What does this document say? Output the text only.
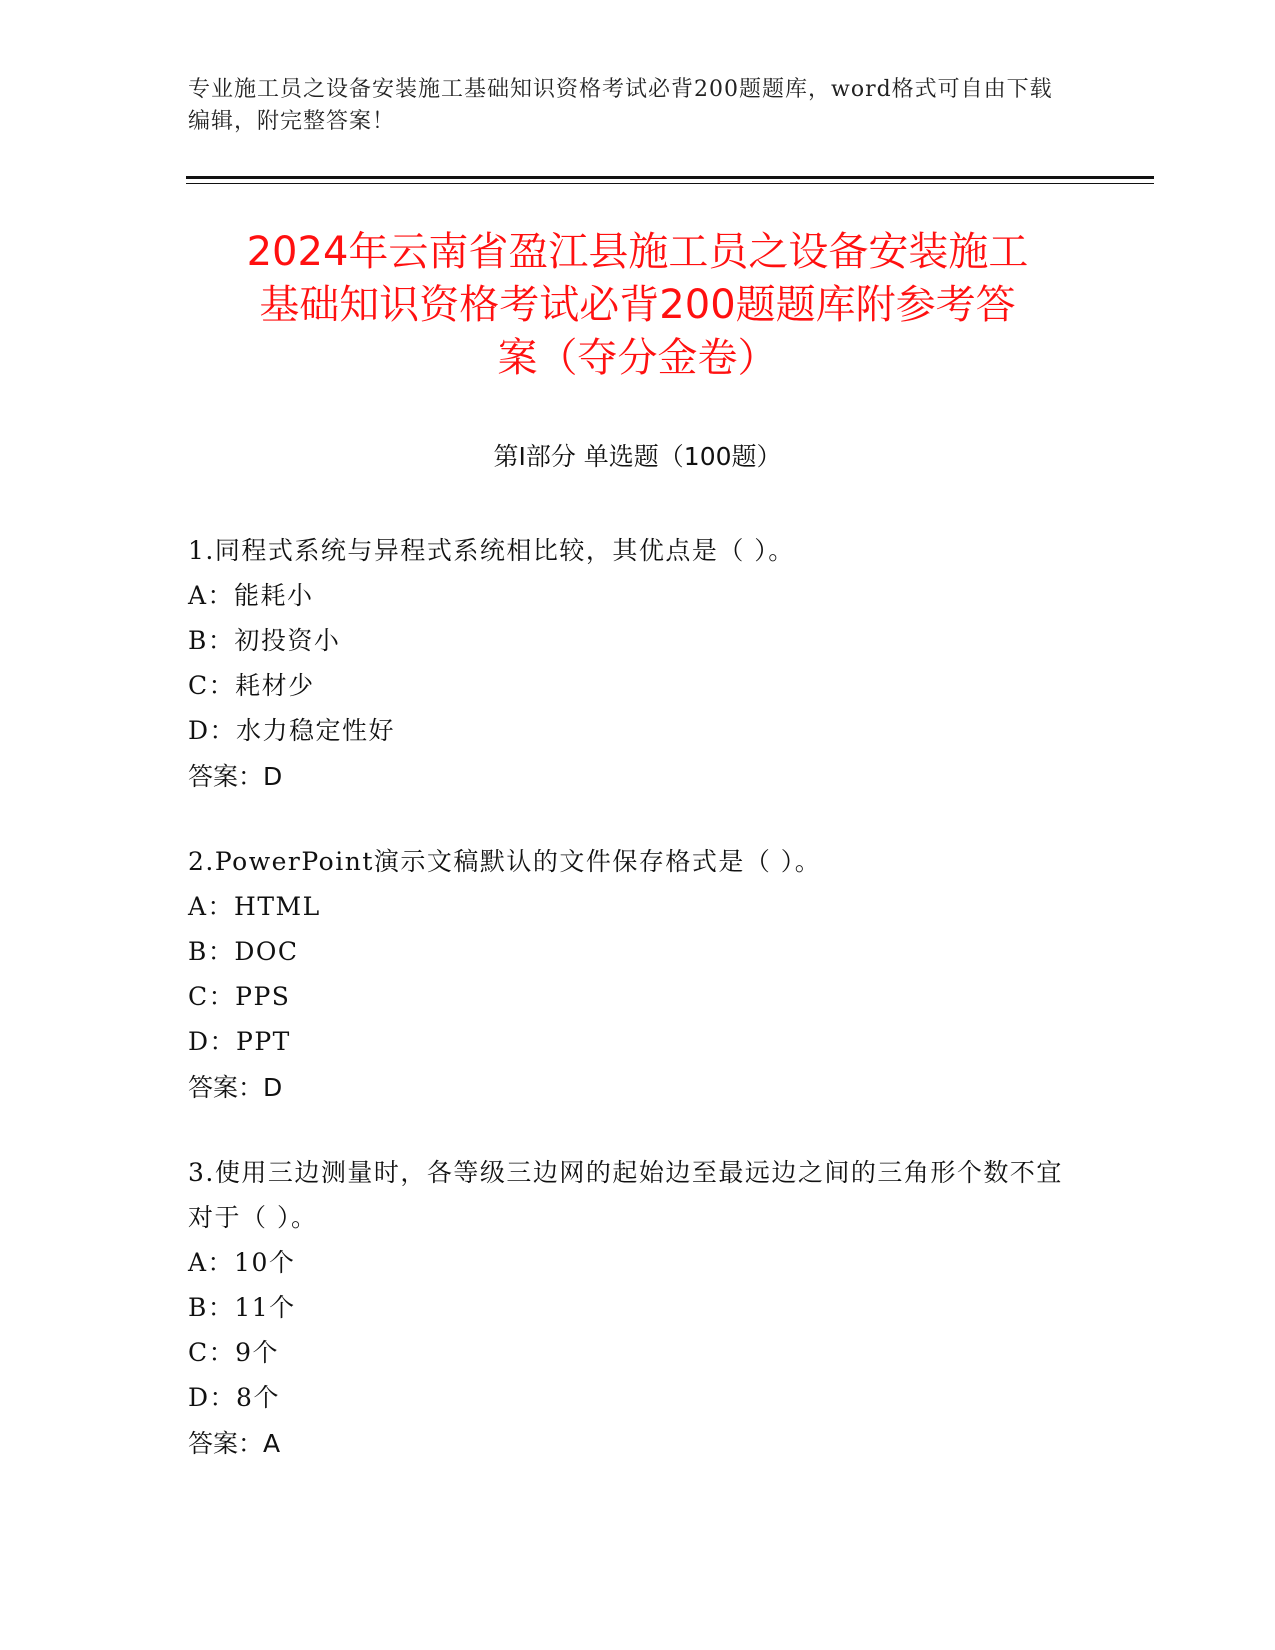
专业施工员之设备安装施工基础知识资格考试必背200题题库，word格式可自由下载编辑，附完整答案！
2024年云南省盈江县施工员之设备安装施工
基础知识资格考试必背200题题库附参考答
案（夺分金卷）
第Ⅰ部分 单选题（100题）
1.同程式系统与异程式系统相比较，其优点是（ ）。
A：能耗小
B：初投资小
C：耗材少
D：水力稳定性好
答案：D
2.PowerPoint演示文稿默认的文件保存格式是（ ）。
A：HTML
B：DOC
C：PPS
D：PPT
答案：D
3.使用三边测量时，各等级三边网的起始边至最远边之间的三角形个数不宜对于（ ）。
A：10个
B：11个
C：9个
D：8个
答案：A
